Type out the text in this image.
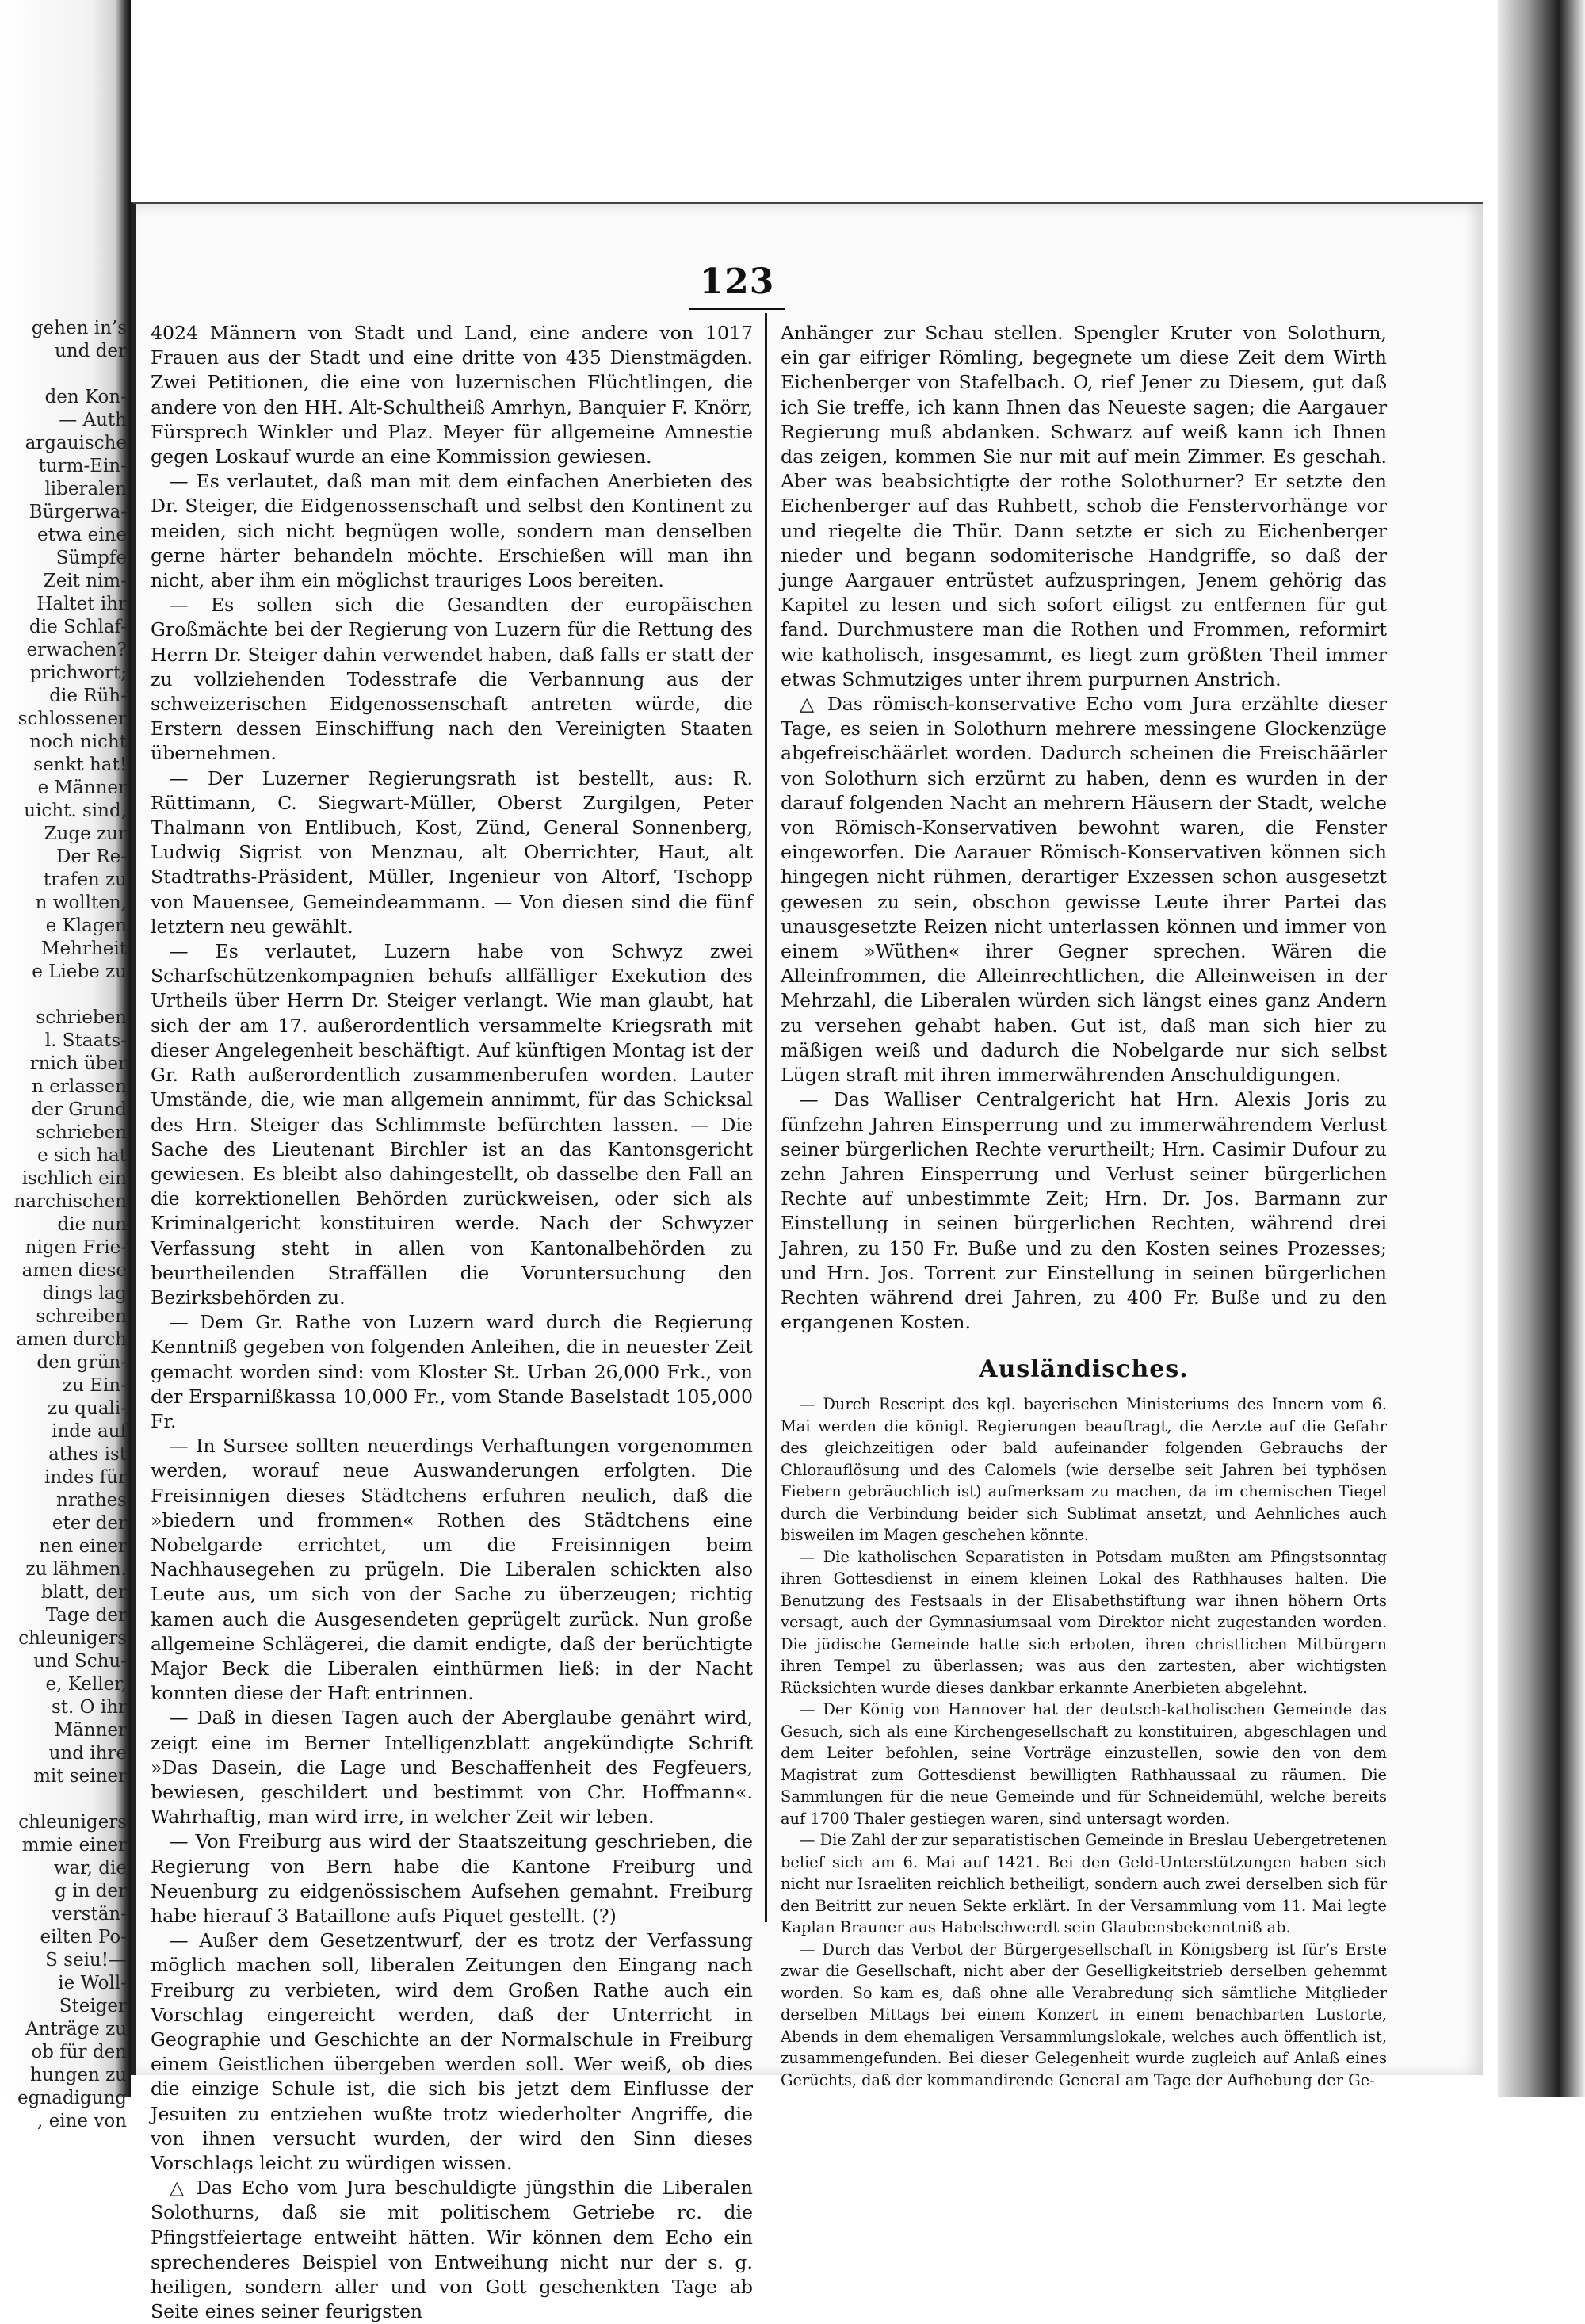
gehen in’s
und der

den Kon-
— Auth
argauische
turm-Ein-
liberalen
Bürgerwa-
etwa eine
Sümpfe
Zeit nim-
Haltet ihr
die Schlaf-
erwachen?
prichwort;
die Rüh-
schlossener
noch nicht
senkt hat!
e Männer
uicht. sind,
Zuge zur
Der Re-
trafen zu
n wollten,
e Klagen
Mehrheit
e Liebe zu

schrieben
l. Staats-
rnich über
n erlassen
der Grund
schrieben
e sich hat
ischlich ein
narchischen
die nun
nigen Frie-
amen diese
dings lag
schreiben
amen durch
den grün-
zu Ein-
zu quali-
inde auf
athes ist
indes für
nrathes
eter der
nen einer
zu lähmen.
blatt, der
Tage der
chleunigers
und Schu-
e, Keller,
st. O ihr
Männer
und ihre
mit seiner

chleunigers
mmie einer
war, die
g in der
verstän-
eilten Po-
S seiu!—
ie Woll-
Steiger
Anträge zu
ob für den
hungen zu
egnadigung
, eine von
123

4024 Männern von Stadt und Land, eine andere von 1017 Frauen aus der Stadt und eine dritte von 435 Dienstmägden. Zwei Petitionen, die eine von luzernischen Flüchtlingen, die andere von den HH. Alt-Schultheiß Amrhyn, Banquier F. Knörr, Fürsprech Winkler und Plaz. Meyer für allgemeine Amnestie gegen Loskauf wurde an eine Kommission gewiesen.

— Es verlautet, daß man mit dem einfachen Anerbieten des Dr. Steiger, die Eidgenossenschaft und selbst den Kontinent zu meiden, sich nicht begnügen wolle, sondern man denselben gerne härter behandeln möchte. Erschießen will man ihn nicht, aber ihm ein möglichst trauriges Loos bereiten.

— Es sollen sich die Gesandten der europäischen Großmächte bei der Regierung von Luzern für die Rettung des Herrn Dr. Steiger dahin verwendet haben, daß falls er statt der zu vollziehenden Todesstrafe die Verbannung aus der schweizerischen Eidgenossenschaft antreten würde, die Erstern dessen Einschiffung nach den Vereinigten Staaten übernehmen.

— Der Luzerner Regierungsrath ist bestellt, aus: R. Rüttimann, C. Siegwart-Müller, Oberst Zurgilgen, Peter Thalmann von Entlibuch, Kost, Zünd, General Sonnenberg, Ludwig Sigrist von Menznau, alt Oberrichter, Haut, alt Stadtraths-Präsident, Müller, Ingenieur von Altorf, Tschopp von Mauensee, Gemeindeammann. — Von diesen sind die fünf letztern neu gewählt.

— Es verlautet, Luzern habe von Schwyz zwei Scharfschützenkompagnien behufs allfälliger Exekution des Urtheils über Herrn Dr. Steiger verlangt. Wie man glaubt, hat sich der am 17. außerordentlich versammelte Kriegsrath mit dieser Angelegenheit beschäftigt. Auf künftigen Montag ist der Gr. Rath außerordentlich zusammenberufen worden. Lauter Umstände, die, wie man allgemein annimmt, für das Schicksal des Hrn. Steiger das Schlimmste befürchten lassen. — Die Sache des Lieutenant Birchler ist an das Kantonsgericht gewiesen. Es bleibt also dahingestellt, ob dasselbe den Fall an die korrektionellen Behörden zurückweisen, oder sich als Kriminalgericht konstituiren werde. Nach der Schwyzer Verfassung steht in allen von Kantonalbehörden zu beurtheilenden Straffällen die Voruntersuchung den Bezirksbehörden zu.

— Dem Gr. Rathe von Luzern ward durch die Regierung Kenntniß gegeben von folgenden Anleihen, die in neuester Zeit gemacht worden sind: vom Kloster St. Urban 26,000 Frk., von der Ersparnißkassa 10,000 Fr., vom Stande Baselstadt 105,000 Fr.

— In Sursee sollten neuerdings Verhaftungen vorgenommen werden, worauf neue Auswanderungen erfolgten. Die Freisinnigen dieses Städtchens erfuhren neulich, daß die »biedern und frommen« Rothen des Städtchens eine Nobelgarde errichtet, um die Freisinnigen beim Nachhausegehen zu prügeln. Die Liberalen schickten also Leute aus, um sich von der Sache zu überzeugen; richtig kamen auch die Ausgesendeten geprügelt zurück. Nun große allgemeine Schlägerei, die damit endigte, daß der berüchtigte Major Beck die Liberalen einthürmen ließ: in der Nacht konnten diese der Haft entrinnen.

— Daß in diesen Tagen auch der Aberglaube genährt wird, zeigt eine im Berner Intelligenzblatt angekündigte Schrift »Das Dasein, die Lage und Beschaffenheit des Fegfeuers, bewiesen, geschildert und bestimmt von Chr. Hoffmann«. Wahrhaftig, man wird irre, in welcher Zeit wir leben.

— Von Freiburg aus wird der Staatszeitung geschrieben, die Regierung von Bern habe die Kantone Freiburg und Neuenburg zu eidgenössischem Aufsehen gemahnt. Freiburg habe hierauf 3 Bataillone aufs Piquet gestellt. (?)

— Außer dem Gesetzentwurf, der es trotz der Verfassung möglich machen soll, liberalen Zeitungen den Eingang nach Freiburg zu verbieten, wird dem Großen Rathe auch ein Vorschlag eingereicht werden, daß der Unterricht in Geographie und Geschichte an der Normalschule in Freiburg einem Geistlichen übergeben werden soll. Wer weiß, ob dies die einzige Schule ist, die sich bis jetzt dem Einflusse der Jesuiten zu entziehen wußte trotz wiederholter Angriffe, die von ihnen versucht wurden, der wird den Sinn dieses Vorschlags leicht zu würdigen wissen.

△ Das Echo vom Jura beschuldigte jüngsthin die Liberalen Solothurns, daß sie mit politischem Getriebe rc. die Pfingstfeiertage entweiht hätten. Wir können dem Echo ein sprechenderes Beispiel von Entweihung nicht nur der s. g. heiligen, sondern aller und von Gott geschenkten Tage ab Seite eines seiner feurigsten

Anhänger zur Schau stellen. Spengler Kruter von Solothurn, ein gar eifriger Römling, begegnete um diese Zeit dem Wirth Eichenberger von Stafelbach. O, rief Jener zu Diesem, gut daß ich Sie treffe, ich kann Ihnen das Neueste sagen; die Aargauer Regierung muß abdanken. Schwarz auf weiß kann ich Ihnen das zeigen, kommen Sie nur mit auf mein Zimmer. Es geschah. Aber was beabsichtigte der rothe Solothurner? Er setzte den Eichenberger auf das Ruhbett, schob die Fenstervorhänge vor und riegelte die Thür. Dann setzte er sich zu Eichenberger nieder und begann sodomiterische Handgriffe, so daß der junge Aargauer entrüstet aufzuspringen, Jenem gehörig das Kapitel zu lesen und sich sofort eiligst zu entfernen für gut fand. Durchmustere man die Rothen und Frommen, reformirt wie katholisch, insgesammt, es liegt zum größten Theil immer etwas Schmutziges unter ihrem purpurnen Anstrich.

△ Das römisch-konservative Echo vom Jura erzählte dieser Tage, es seien in Solothurn mehrere messingene Glockenzüge abgefreischäärlet worden. Dadurch scheinen die Freischäärler von Solothurn sich erzürnt zu haben, denn es wurden in der darauf folgenden Nacht an mehrern Häusern der Stadt, welche von Römisch-Konservativen bewohnt waren, die Fenster eingeworfen. Die Aarauer Römisch-Konservativen können sich hingegen nicht rühmen, derartiger Exzessen schon ausgesetzt gewesen zu sein, obschon gewisse Leute ihrer Partei das unausgesetzte Reizen nicht unterlassen können und immer von einem »Wüthen« ihrer Gegner sprechen. Wären die Alleinfrommen, die Alleinrechtlichen, die Alleinweisen in der Mehrzahl, die Liberalen würden sich längst eines ganz Andern zu versehen gehabt haben. Gut ist, daß man sich hier zu mäßigen weiß und dadurch die Nobelgarde nur sich selbst Lügen straft mit ihren immerwährenden Anschuldigungen.

— Das Walliser Centralgericht hat Hrn. Alexis Joris zu fünfzehn Jahren Einsperrung und zu immerwährendem Verlust seiner bürgerlichen Rechte verurtheilt; Hrn. Casimir Dufour zu zehn Jahren Einsperrung und Verlust seiner bürgerlichen Rechte auf unbestimmte Zeit; Hrn. Dr. Jos. Barmann zur Einstellung in seinen bürgerlichen Rechten, während drei Jahren, zu 150 Fr. Buße und zu den Kosten seines Prozesses; und Hrn. Jos. Torrent zur Einstellung in seinen bürgerlichen Rechten während drei Jahren, zu 400 Fr. Buße und zu den ergangenen Kosten.

Ausländisches.

— Durch Rescript des kgl. bayerischen Ministeriums des Innern vom 6. Mai werden die königl. Regierungen beauftragt, die Aerzte auf die Gefahr des gleichzeitigen oder bald aufeinander folgenden Gebrauchs der Chlorauflösung und des Calomels (wie derselbe seit Jahren bei typhösen Fiebern gebräuchlich ist) aufmerksam zu machen, da im chemischen Tiegel durch die Verbindung beider sich Sublimat ansetzt, und Aehnliches auch bisweilen im Magen geschehen könnte.

— Die katholischen Separatisten in Potsdam mußten am Pfingstsonntag ihren Gottesdienst in einem kleinen Lokal des Rathhauses halten. Die Benutzung des Festsaals in der Elisabethstiftung war ihnen höhern Orts versagt, auch der Gymnasiumsaal vom Direktor nicht zugestanden worden. Die jüdische Gemeinde hatte sich erboten, ihren christlichen Mitbürgern ihren Tempel zu überlassen; was aus den zartesten, aber wichtigsten Rücksichten wurde dieses dankbar erkannte Anerbieten abgelehnt.

— Der König von Hannover hat der deutsch-katholischen Gemeinde das Gesuch, sich als eine Kirchengesellschaft zu konstituiren, abgeschlagen und dem Leiter befohlen, seine Vorträge einzustellen, sowie den von dem Magistrat zum Gottesdienst bewilligten Rathhaussaal zu räumen. Die Sammlungen für die neue Gemeinde und für Schneidemühl, welche bereits auf 1700 Thaler gestiegen waren, sind untersagt worden.

— Die Zahl der zur separatistischen Gemeinde in Breslau Uebergetretenen belief sich am 6. Mai auf 1421. Bei den Geld-Unterstützungen haben sich nicht nur Israeliten reichlich betheiligt, sondern auch zwei derselben sich für den Beitritt zur neuen Sekte erklärt. In der Versammlung vom 11. Mai legte Kaplan Brauner aus Habelschwerdt sein Glaubensbekenntniß ab.

— Durch das Verbot der Bürgergesellschaft in Königsberg ist für’s Erste zwar die Gesellschaft, nicht aber der Geselligkeitstrieb derselben gehemmt worden. So kam es, daß ohne alle Verabredung sich sämtliche Mitglieder derselben Mittags bei einem Konzert in einem benachbarten Lustorte, Abends in dem ehemaligen Versammlungslokale, welches auch öffentlich ist, zusammengefunden. Bei dieser Gelegenheit wurde zugleich auf Anlaß eines Gerüchts, daß der kommandirende General am Tage der Aufhebung der Ge-
